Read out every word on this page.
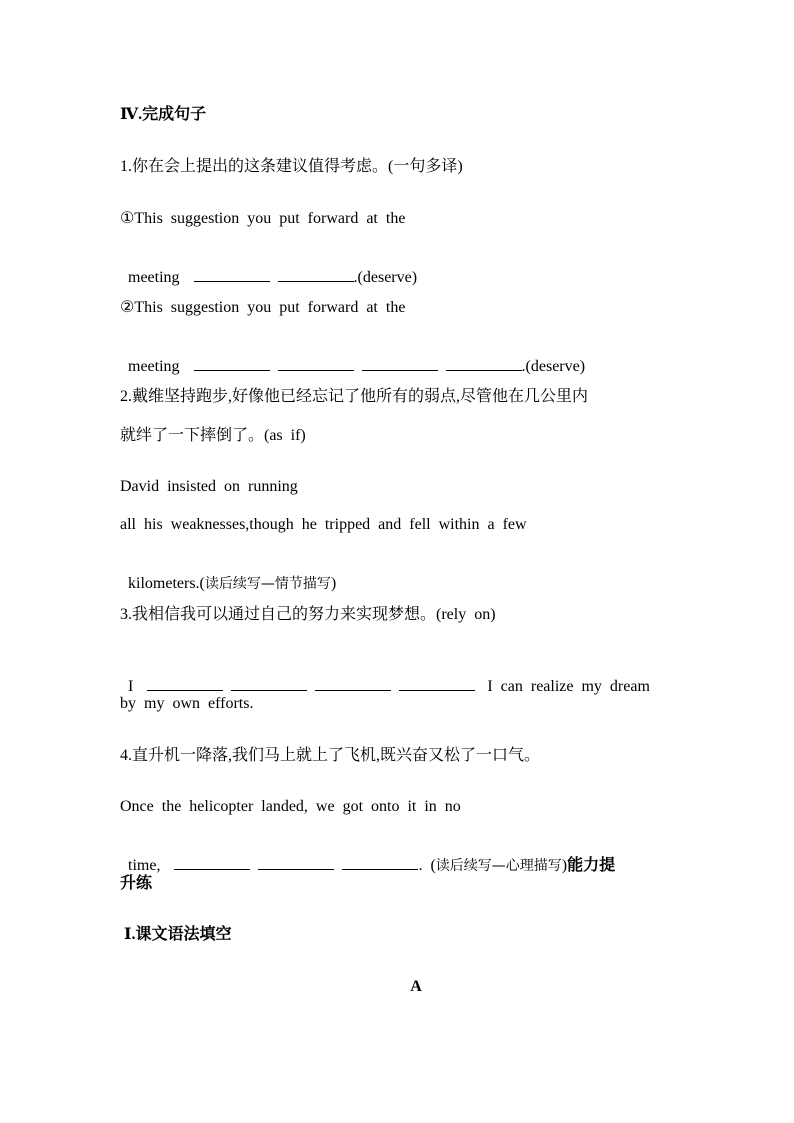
Ⅳ.完成句子
1.你在会上提出的这条建议值得考虑。(一句多译)
①This  suggestion  you  put  forward  at  the

meeting	.(deserve)

②This  suggestion  you  put  forward  at  the

meeting	.(deserve)

2.戴维坚持跑步,好像他已经忘记了他所有的弱点,尽管他在几公里内
就绊了一下摔倒了。(as  if)
David  insisted  on  running
all  his  weaknesses,though  he  tripped  and  fell  within  a  few

kilometers.(读后续写—情节描写)

3.我相信我可以通过自己的努力来实现梦想。(rely  on)

I	I  can  realize  my  dream

by  my  own  efforts.
4.直升机一降落,我们马上就上了飞机,既兴奋又松了一口气。
Once  the  helicopter  landed,  we  got  onto  it  in  no

time,	.  (读后续写—心理描写)能力提

升练
Ⅰ.课文语法填空
A
